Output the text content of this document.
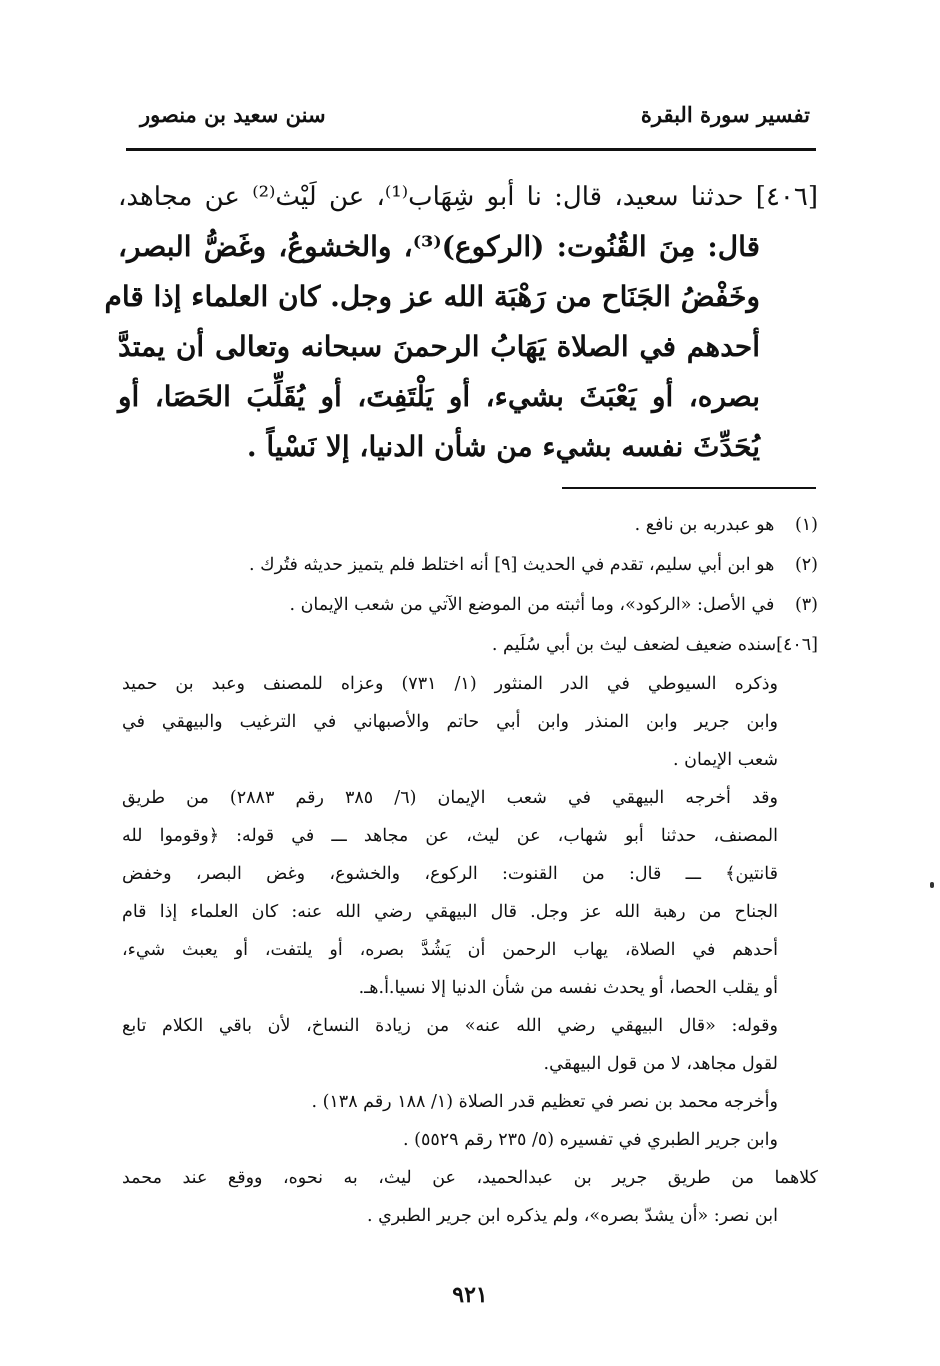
تفسير سورة البقرة
سنن سعيد بن منصور
[٤٠٦] حدثنا سعيد، قال: نا أبو شِهَاب⁽¹⁾، عن لَيْث⁽²⁾ عن مجاهد،
قال: مِنَ القُنُوت: (الركوع)⁽³⁾، والخشوعُ، وغَضُّ البصر،
وخَفْضُ الجَنَاح من رَهْبَة الله عز وجل. كان العلماء إذا قام
أحدهم في الصلاة يَهَابُ الرحمنَ سبحانه وتعالى أن يمتدَّ
بصره، أو يَعْبَثَ بشيء، أو يَلْتَفِتَ، أو يُقَلِّبَ الحَصَا، أو
يُحَدِّثَ نفسه بشيء من شأن الدنيا، إلا نَسْياً .
(١) هو عبدربه بن نافع .
(٢) هو ابن أبي سليم، تقدم في الحديث [٩] أنه اختلط فلم يتميز حديثه فتُرك .
(٣) في الأصل: «الركود»، وما أثبته من الموضع الآتي من شعب الإيمان .
[٤٠٦]سنده ضعيف لضعف ليث بن أبي سُلَيم .
وذكره السيوطي في الدر المنثور (١/ ٧٣١) وعزاه للمصنف وعبد بن حميد
وابن جرير وابن المنذر وابن أبي حاتم والأصبهاني في الترغيب والبيهقي في
شعب الإيمان .
وقد أخرجه البيهقي في شعب الإيمان (٦/ ٣٨٥ رقم ٢٨٨٣) من طريق
المصنف، حدثنا أبو شهاب، عن ليث، عن مجاهد ـــ في قوله: ﴿وقوموا لله
قانتين﴾ ـــ قال: من القنوت: الركوع، والخشوع، وغض البصر، وخفض
الجناح من رهبة الله عز وجل. قال البيهقي رضي الله عنه: كان العلماء إذا قام
أحدهم في الصلاة، يهاب الرحمن أن يَشُدَّ بصره، أو يلتفت، أو يعبث شيء،
أو يقلب الحصا، أو يحدث نفسه من شأن الدنيا إلا نسيا.أ.هـ.
وقوله: «قال البيهقي رضي الله عنه» من زيادة النساخ، لأن باقي الكلام تابع
لقول مجاهد، لا من قول البيهقي.
وأخرجه محمد بن نصر في تعظيم قدر الصلاة (١/ ١٨٨ رقم ١٣٨) .
وابن جرير الطبري في تفسيره (٥/ ٢٣٥ رقم ٥٥٢٩) .
كلاهما من طريق جرير بن عبدالحميد، عن ليث، به نحوه، ووقع عند محمد
ابن نصر: «أن يشدّ بصره»، ولم يذكره ابن جرير الطبري .
٩٢١
